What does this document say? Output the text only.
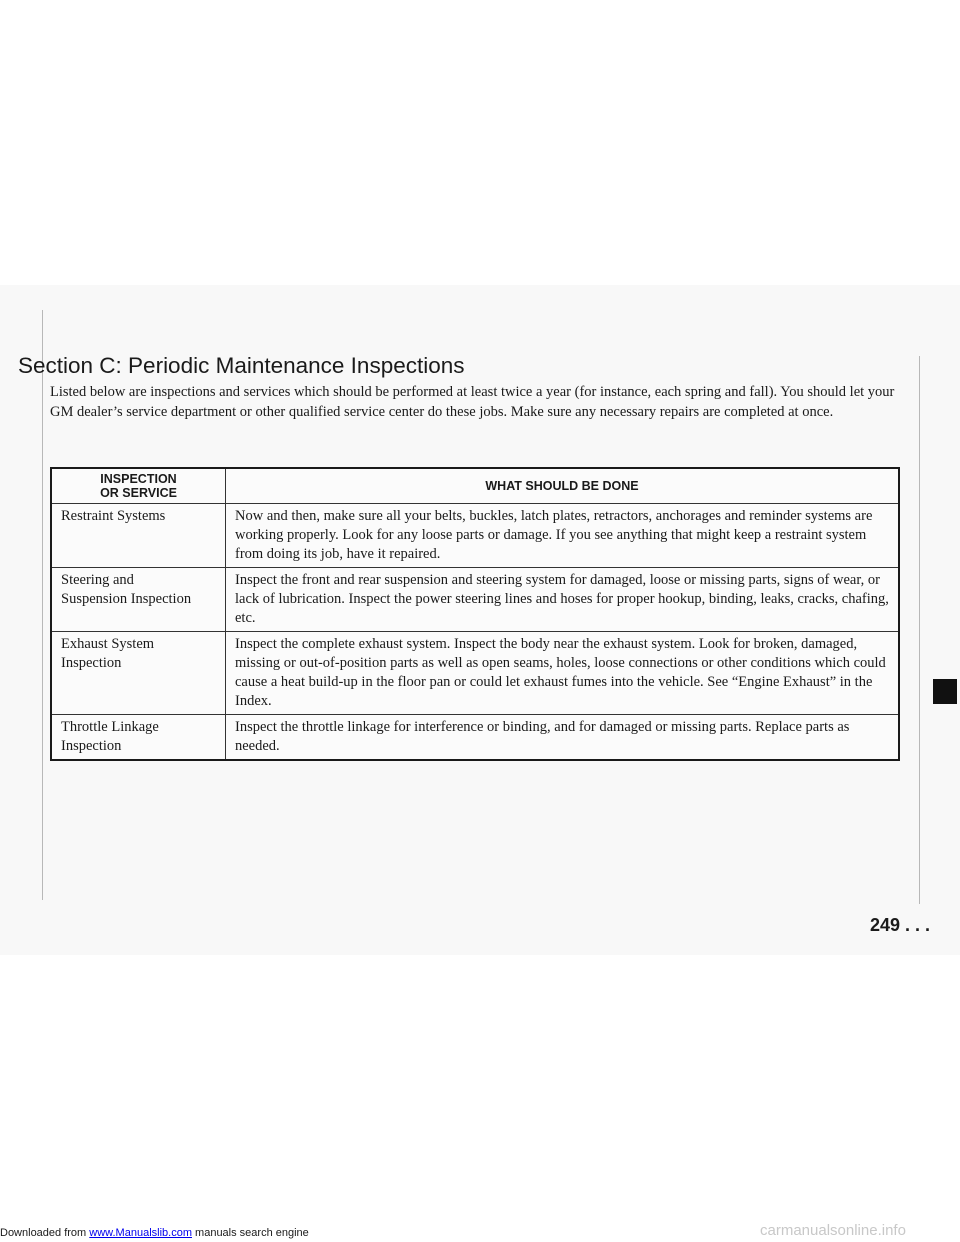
Section C: Periodic Maintenance Inspections

Listed below are inspections and services which should be performed at least twice a year (for instance, each spring and fall). You should let your GM dealer’s service department or other qualified service center do these jobs. Make sure any necessary repairs are completed at once.

INSPECTION
OR SERVICE	WHAT SHOULD BE DONE
Restraint Systems	Now and then, make sure all your belts, buckles, latch plates, retractors, anchorages and reminder systems are working properly. Look for any loose parts or damage. If you see anything that might keep a restraint system from doing its job, have it repaired.
Steering and
Suspension Inspection	Inspect the front and rear suspension and steering system for damaged, loose or missing parts, signs of wear, or lack of lubrication. Inspect the power steering lines and hoses for proper hookup, binding, leaks, cracks, chafing, etc.
Exhaust System
Inspection	Inspect the complete exhaust system. Inspect the body near the exhaust system. Look for broken, damaged, missing or out-of-position parts as well as open seams, holes, loose connections or other conditions which could cause a heat build-up in the floor pan or could let exhaust fumes into the vehicle. See “Engine Exhaust” in the Index.
Throttle Linkage
Inspection	Inspect the throttle linkage for interference or binding, and for damaged or missing parts. Replace parts as needed.

249 . . .

Downloaded from www.Manualslib.com manuals search engine	carmanualsonline.info
